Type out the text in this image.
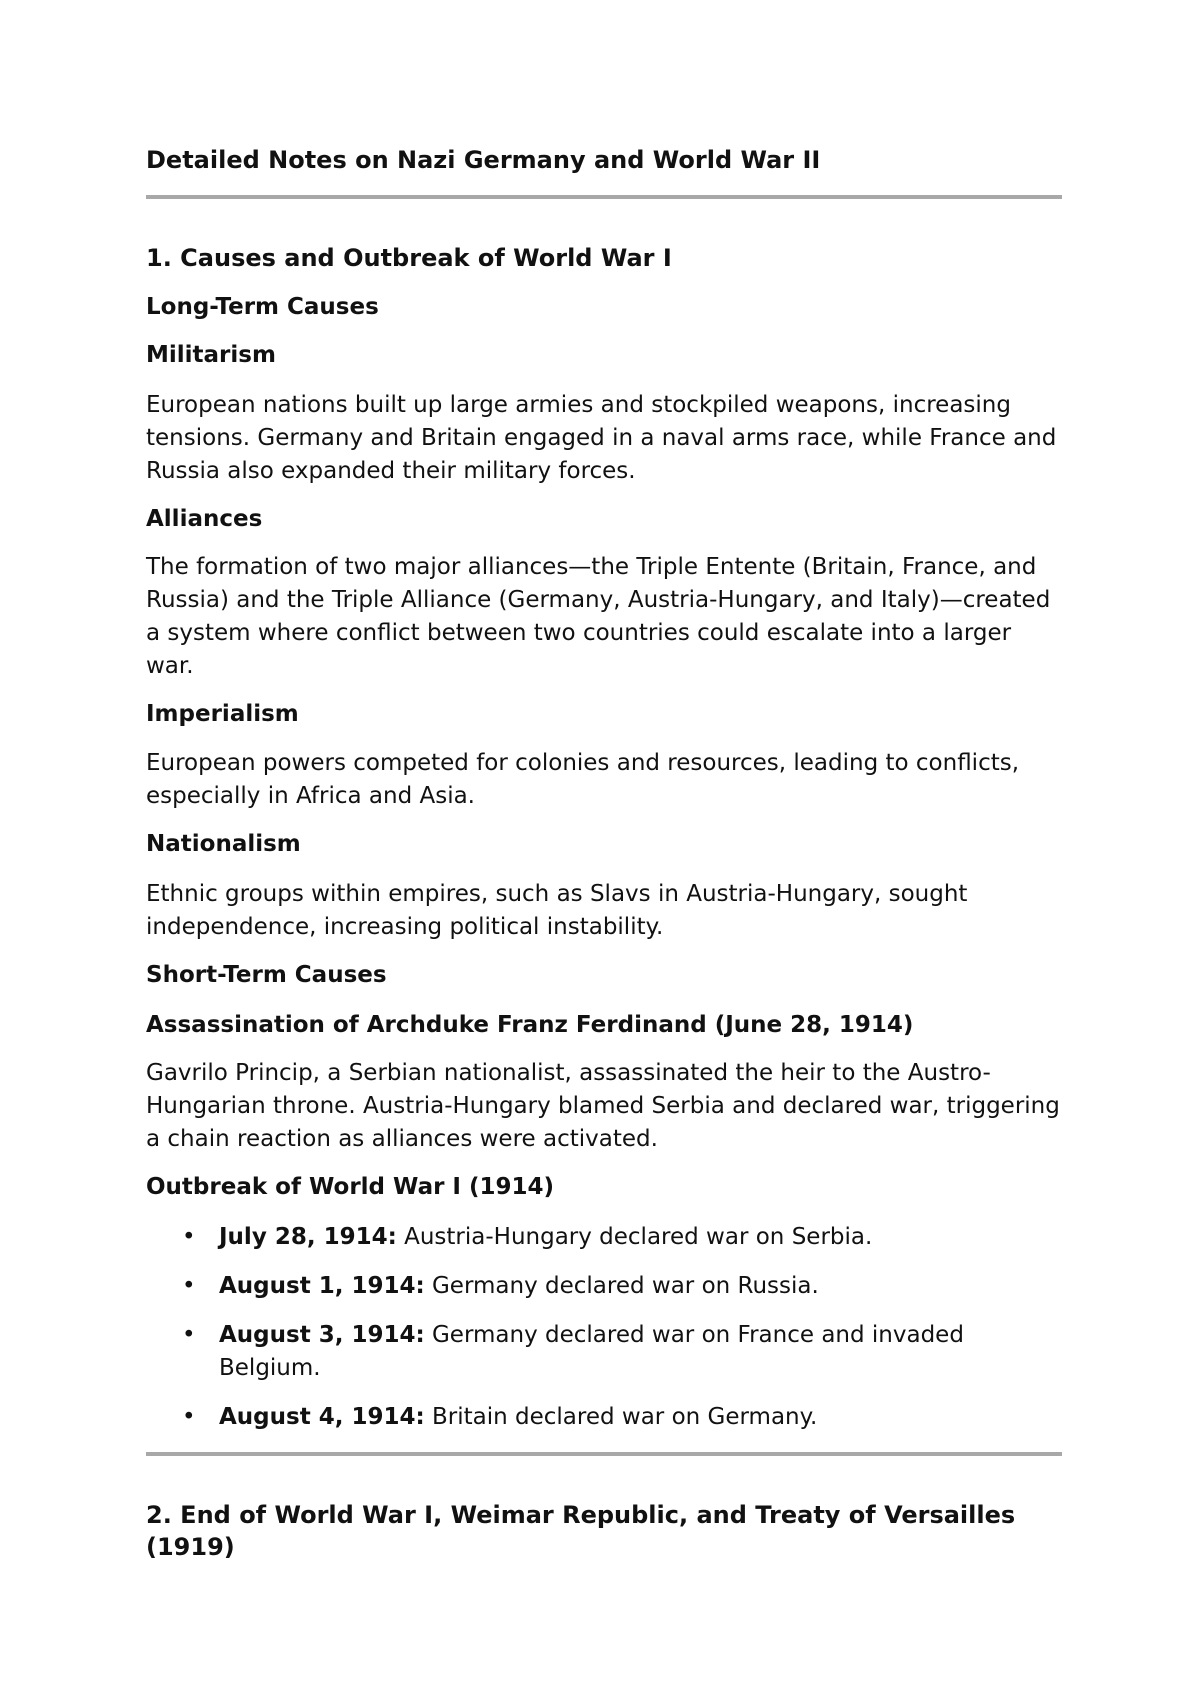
Detailed Notes on Nazi Germany and World War II
1. Causes and Outbreak of World War I
Long-Term Causes
Militarism

European nations built up large armies and stockpiled weapons, increasing tensions. Germany and Britain engaged in a naval arms race, while France and Russia also expanded their military forces.

Alliances

The formation of two major alliances—the Triple Entente (Britain, France, and Russia) and the Triple Alliance (Germany, Austria-Hungary, and Italy)—created a system where conflict between two countries could escalate into a larger war.

Imperialism

European powers competed for colonies and resources, leading to conflicts, especially in Africa and Asia.

Nationalism

Ethnic groups within empires, such as Slavs in Austria-Hungary, sought independence, increasing political instability.

Short-Term Causes
Assassination of Archduke Franz Ferdinand (June 28, 1914)

Gavrilo Princip, a Serbian nationalist, assassinated the heir to the Austro-Hungarian throne. Austria-Hungary blamed Serbia and declared war, triggering a chain reaction as alliances were activated.

Outbreak of World War I (1914)
• July 28, 1914: Austria-Hungary declared war on Serbia.
• August 1, 1914: Germany declared war on Russia.
• August 3, 1914: Germany declared war on France and invaded Belgium.
• August 4, 1914: Britain declared war on Germany.
2. End of World War I, Weimar Republic, and Treaty of Versailles (1919)
